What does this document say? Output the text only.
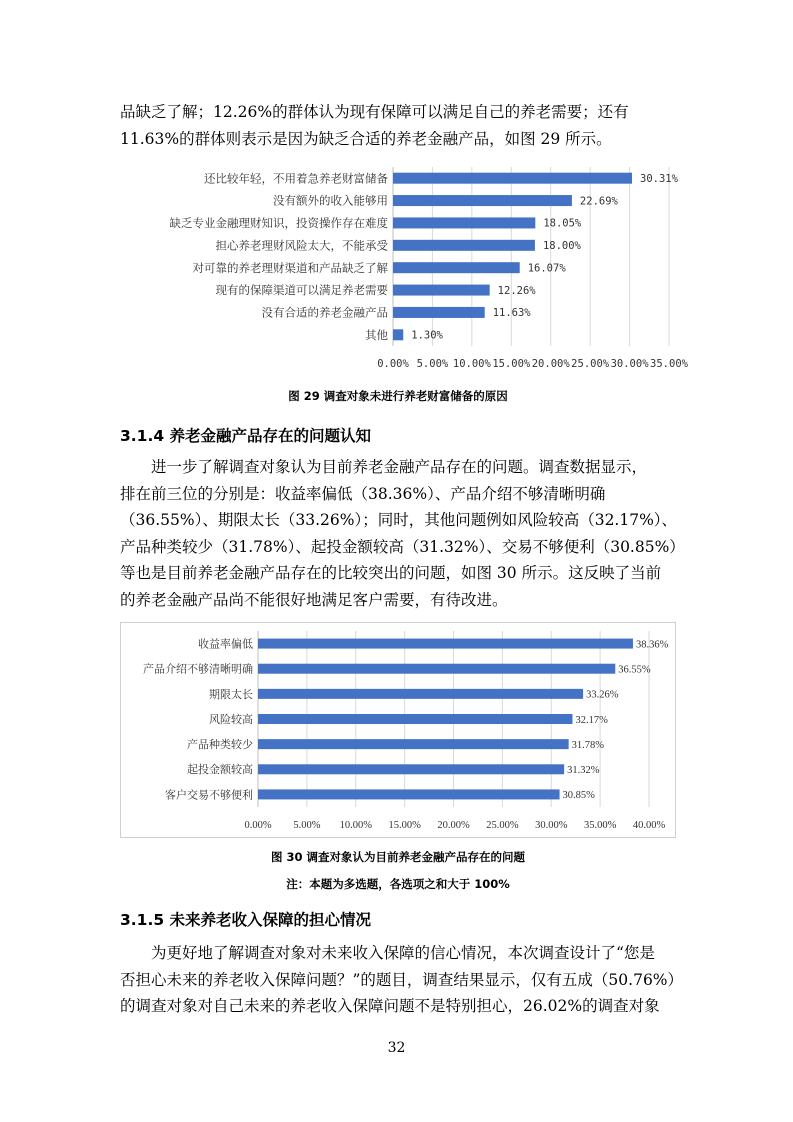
品缺乏了解；12.26%的群体认为现有保障可以满足自己的养老需要；还有
11.63%的群体则表示是因为缺乏合适的养老金融产品，如图 29 所示。

0.00% 5.00% 10.00% 15.00% 20.00% 25.00% 30.00% 35.00%
还比较年轻，不用着急养老财富储备	30.31%
没有额外的收入能够用	22.69%
缺乏专业金融理财知识，投资操作存在难度	18.05%
担心养老理财风险太大，不能承受	18.00%
对可靠的养老理财渠道和产品缺乏了解	16.07%
现有的保障渠道可以满足养老需要	12.26%
没有合适的养老金融产品	11.63%
其他 1.30%
图 29 调查对象未进行养老财富储备的原因
3.1.4 养老金融产品存在的问题认知

进一步了解调查对象认为目前养老金融产品存在的问题。调查数据显示，
排在前三位的分别是：收益率偏低（38.36%）、产品介绍不够清晰明确
（36.55%）、期限太长（33.26%）；同时，其他问题例如风险较高（32.17%）、
产品种类较少（31.78%）、起投金额较高（31.32%）、交易不够便利（30.85%）
等也是目前养老金融产品存在的比较突出的问题，如图 30 所示。这反映了当前
的养老金融产品尚不能很好地满足客户需要，有待改进。

0.00% 5.00% 10.00% 15.00% 20.00% 25.00% 30.00% 35.00% 40.00%
收益率偏低	38.36%
产品介绍不够清晰明确	36.55%
期限太长	33.26%
风险较高	32.17%
产品种类较少	31.78%
起投金额较高	31.32%
客户交易不够便利	30.85%
图 30 调查对象认为目前养老金融产品存在的问题
注：本题为多选题，各选项之和大于 100%
3.1.5 未来养老收入保障的担心情况

为更好地了解调查对象对未来收入保障的信心情况，本次调查设计了“您是
否担心未来的养老收入保障问题？”的题目，调查结果显示，仅有五成（50.76%）
的调查对象对自己未来的养老收入保障问题不是特别担心，26.02%的调查对象

32
